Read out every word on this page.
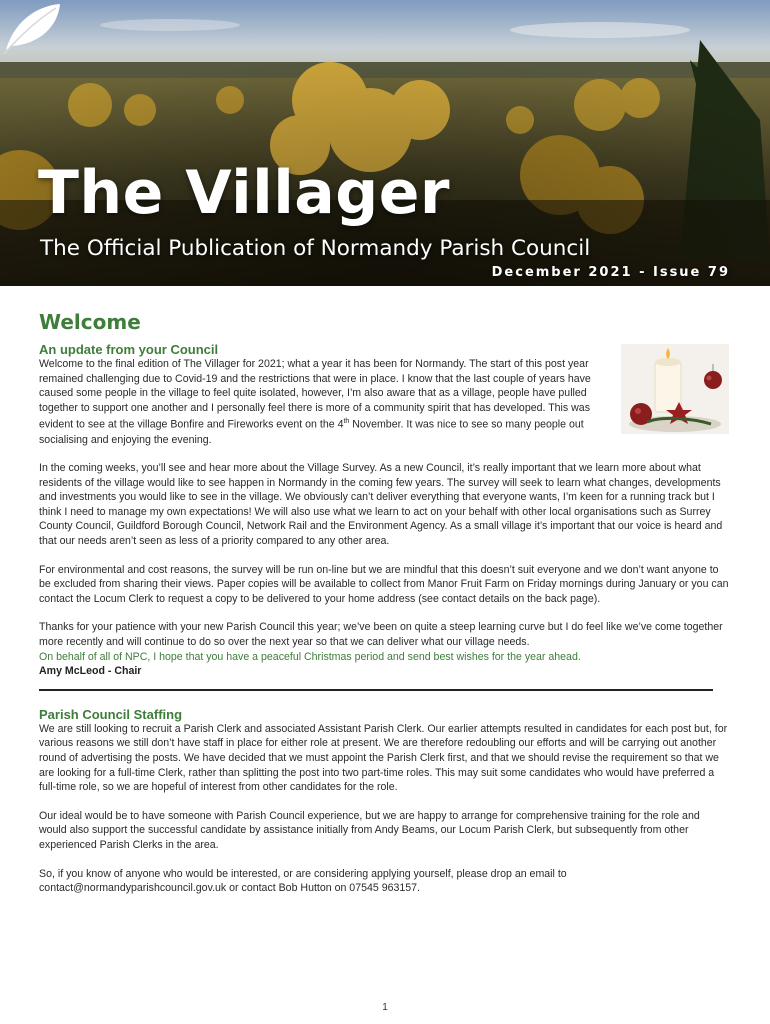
The Villager

The Official Publication of Normandy Parish Council

December 2021 - Issue 79

Welcome
An update from your Council

Welcome to the final edition of The Villager for 2021; what a year it has been for Normandy. The start of this post year remained challenging due to Covid-19 and the restrictions that were in place. I know that the last couple of years have caused some people in the village to feel quite isolated, however, I’m also aware that as a village, people have pulled together to support one another and I personally feel there is more of a community spirit that has developed. This was evident to see at the village Bonfire and Fireworks event on the 4th November. It was nice to see so many people out socialising and enjoying the evening.

In the coming weeks, you’ll see and hear more about the Village Survey. As a new Council, it’s really important that we learn more about what residents of the village would like to see happen in Normandy in the coming few years. The survey will seek to learn what changes, developments and investments you would like to see in the village. We obviously can’t deliver everything that everyone wants, I’m keen for a running track but I think I need to manage my own expectations! We will also use what we learn to act on your behalf with other local organisations such as Surrey County Council, Guildford Borough Council, Network Rail and the Environment Agency. As a small village it’s important that our voice is heard and that our needs aren’t seen as less of a priority compared to any other area.

For environmental and cost reasons, the survey will be run on-line but we are mindful that this doesn’t suit everyone and we don’t want anyone to be excluded from sharing their views. Paper copies will be available to collect from Manor Fruit Farm on Friday mornings during January or you can contact the Locum Clerk to request a copy to be delivered to your home address (see contact details on the back page).

Thanks for your patience with your new Parish Council this year; we’ve been on quite a steep learning curve but I do feel like we’ve come together more recently and will continue to do so over the next year so that we can deliver what our village needs.

On behalf of all of NPC, I hope that you have a peaceful Christmas period and send best wishes for the year ahead.

Amy McLeod - Chair

Parish Council Staffing

We are still looking to recruit a Parish Clerk and associated Assistant Parish Clerk. Our earlier attempts resulted in candidates for each post but, for various reasons we still don’t have staff in place for either role at present. We are therefore redoubling our efforts and will be carrying out another round of advertising the posts. We have decided that we must appoint the Parish Clerk first, and that we should revise the requirement so that we are looking for a full-time Clerk, rather than splitting the post into two part-time roles. This may suit some candidates who would have preferred a full-time role, so we are hopeful of interest from other candidates for the role.

Our ideal would be to have someone with Parish Council experience, but we are happy to arrange for comprehensive training for the role and would also support the successful candidate by assistance initially from Andy Beams, our Locum Parish Clerk, but subsequently from other experienced Parish Clerks in the area.

So, if you know of anyone who would be interested, or are considering applying yourself, please drop an email to contact@normandyparishcouncil.gov.uk or contact Bob Hutton on 07545 963157.

1
